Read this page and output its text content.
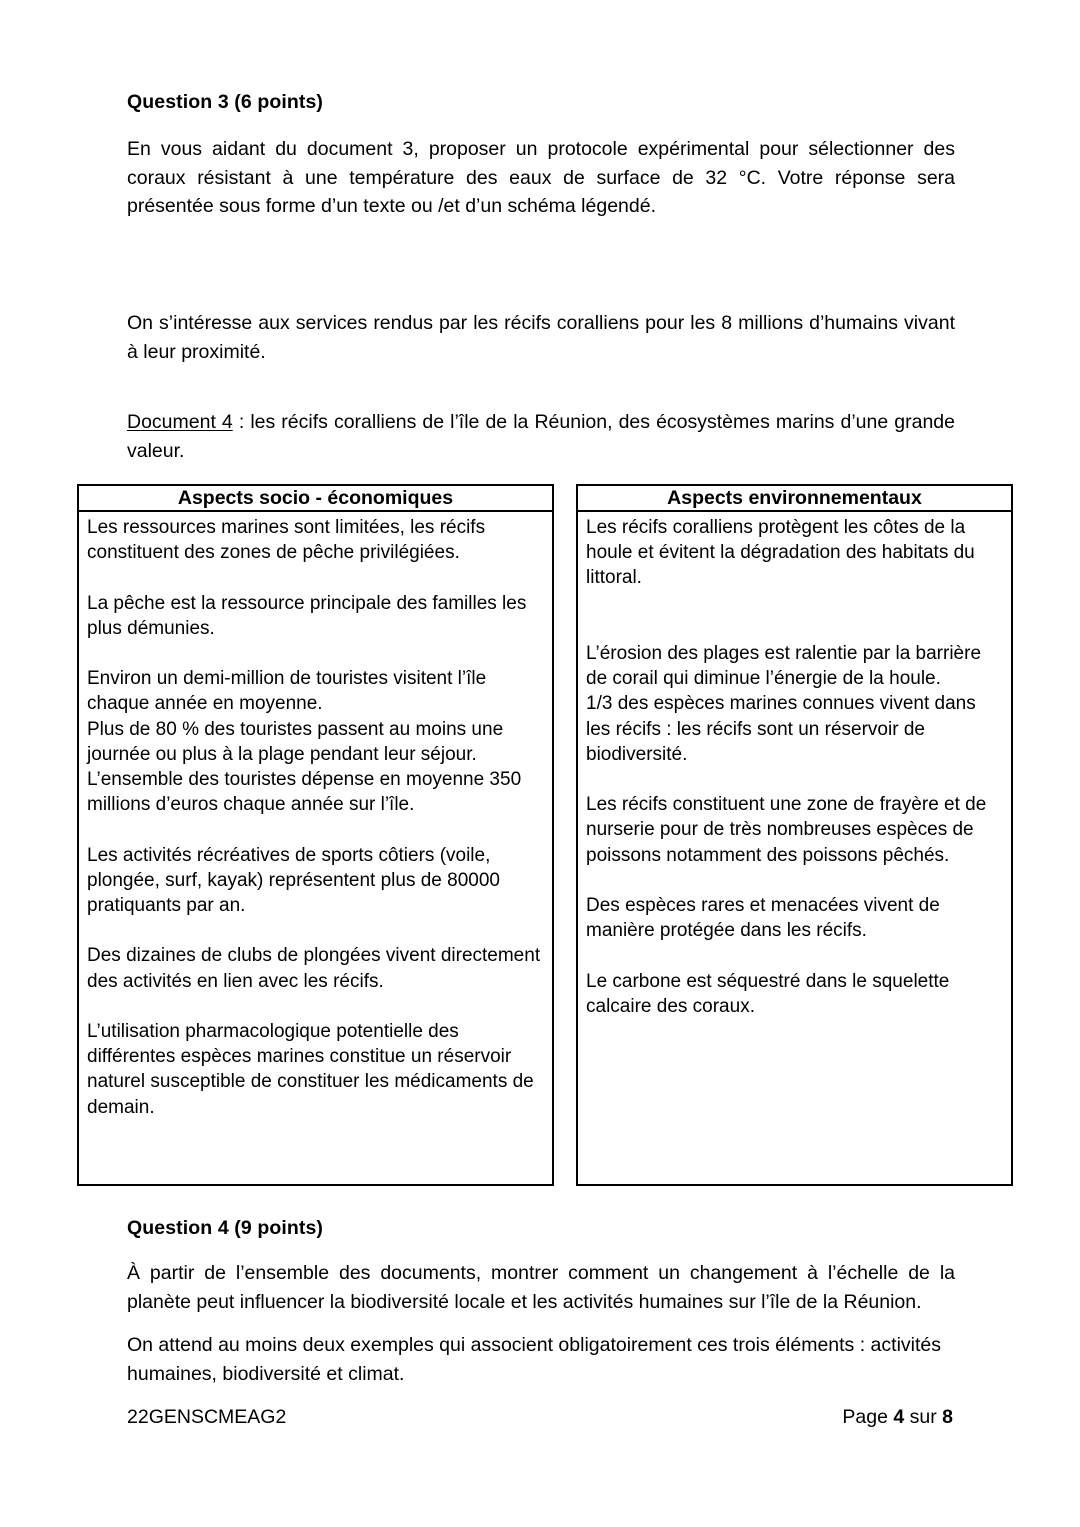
Question 3 (6 points)
En vous aidant du document 3, proposer un protocole expérimental pour sélectionner des coraux résistant à une température des eaux de surface de 32 °C. Votre réponse sera présentée sous forme d’un texte ou /et d’un schéma légendé.
On s’intéresse aux services rendus par les récifs coralliens pour les 8 millions d’humains vivant à leur proximité.
Document 4 : les récifs coralliens de l’île de la Réunion, des écosystèmes marins d’une grande valeur.
Aspects socio - économiques

Les ressources marines sont limitées, les récifs constituent des zones de pêche privilégiées.

La pêche est la ressource principale des familles les plus démunies.

Environ un demi-million de touristes visitent l’île chaque année en moyenne.

Plus de 80 % des touristes passent au moins une journée ou plus à la plage pendant leur séjour.

L’ensemble des touristes dépense en moyenne 350 millions d’euros chaque année sur l’île.

Les activités récréatives de sports côtiers (voile, plongée, surf, kayak) représentent plus de 80000 pratiquants par an.

Des dizaines de clubs de plongées vivent directement des activités en lien avec les récifs.

L’utilisation pharmacologique potentielle des différentes espèces marines constitue un réservoir naturel susceptible de constituer les médicaments de demain.

Aspects environnementaux

Les récifs coralliens protègent les côtes de la houle et évitent la dégradation des habitats du littoral.

L’érosion des plages est ralentie par la barrière de corail qui diminue l’énergie de la houle.

1/3 des espèces marines connues vivent dans les récifs : les récifs sont un réservoir de biodiversité.

Les récifs constituent une zone de frayère et de nurserie pour de très nombreuses espèces de poissons notamment des poissons pêchés.

Des espèces rares et menacées vivent de manière protégée dans les récifs.

Le carbone est séquestré dans le squelette calcaire des coraux.

Question 4 (9 points)
À partir de l’ensemble des documents, montrer comment un changement à l’échelle de la planète peut influencer la biodiversité locale et les activités humaines sur l’île de la Réunion.
On attend au moins deux exemples qui associent obligatoirement ces trois éléments : activités humaines, biodiversité et climat.
22GENSCMEAG2	Page 4 sur 8
